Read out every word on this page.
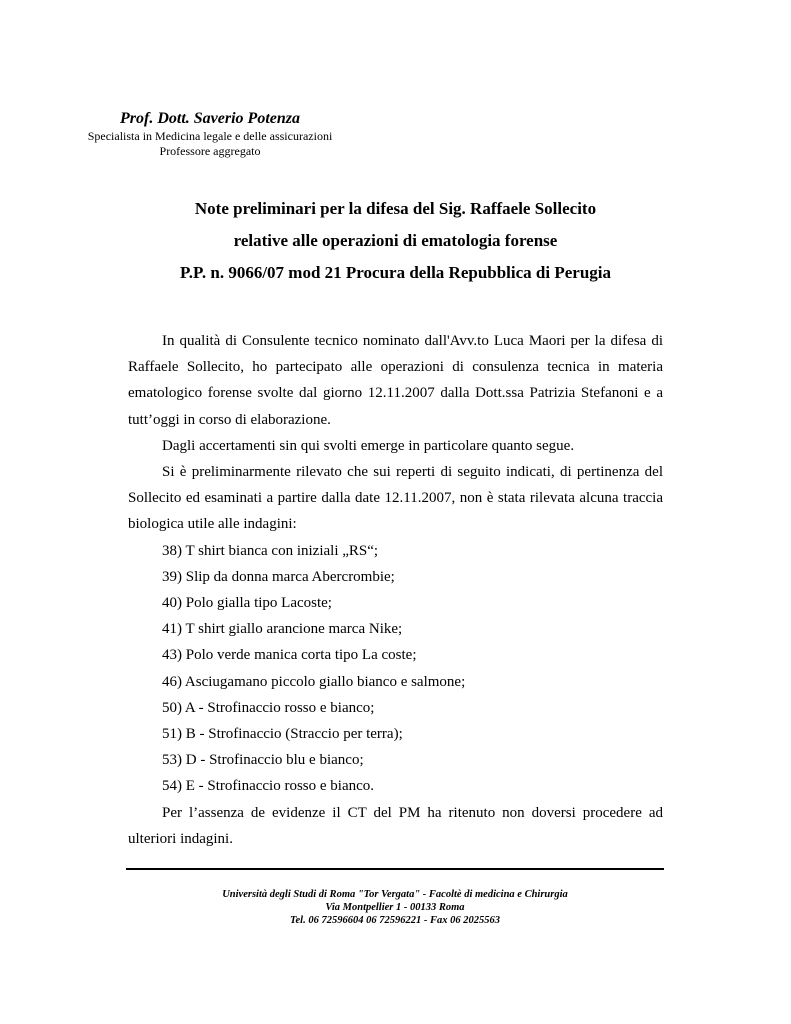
Prof. Dott. Saverio Potenza
Specialista in Medicina legale e delle assicurazioni
Professore aggregato
Note preliminari per la difesa del Sig. Raffaele Sollecito
relative alle operazioni di ematologia forense
P.P. n. 9066/07 mod 21 Procura della Repubblica di Perugia

In qualità di Consulente tecnico nominato dall'Avv.to Luca Maori per la difesa di Raffaele Sollecito, ho partecipato alle operazioni di consulenza tecnica in materia ematologico forense svolte dal giorno 12.11.2007 dalla Dott.ssa Patrizia Stefanoni e a tutt’oggi in corso di elaborazione.

Dagli accertamenti sin qui svolti emerge in particolare quanto segue.

Si è preliminarmente rilevato che sui reperti di seguito indicati, di pertinenza del Sollecito ed esaminati a partire dalla date 12.11.2007, non è stata rilevata alcuna traccia biologica utile alle indagini:

38) T shirt bianca con iniziali „RS“;
39) Slip da donna marca Abercrombie;
40) Polo gialla tipo Lacoste;
41) T shirt giallo arancione marca Nike;
43) Polo verde manica corta tipo La coste;
46) Asciugamano piccolo giallo bianco e salmone;
50) A - Strofinaccio rosso e bianco;
51) B - Strofinaccio (Straccio per terra);
53) D - Strofinaccio blu e bianco;
54) E - Strofinaccio rosso e bianco.

Per l’assenza de evidenze il CT del PM ha ritenuto non doversi procedere ad ulteriori indagini.

Università degli Studi di Roma "Tor Vergata" - Facoltè di medicina e Chirurgia
Via Montpellier 1 - 00133 Roma
Tel. 06 72596604 06 72596221 - Fax 06 2025563
